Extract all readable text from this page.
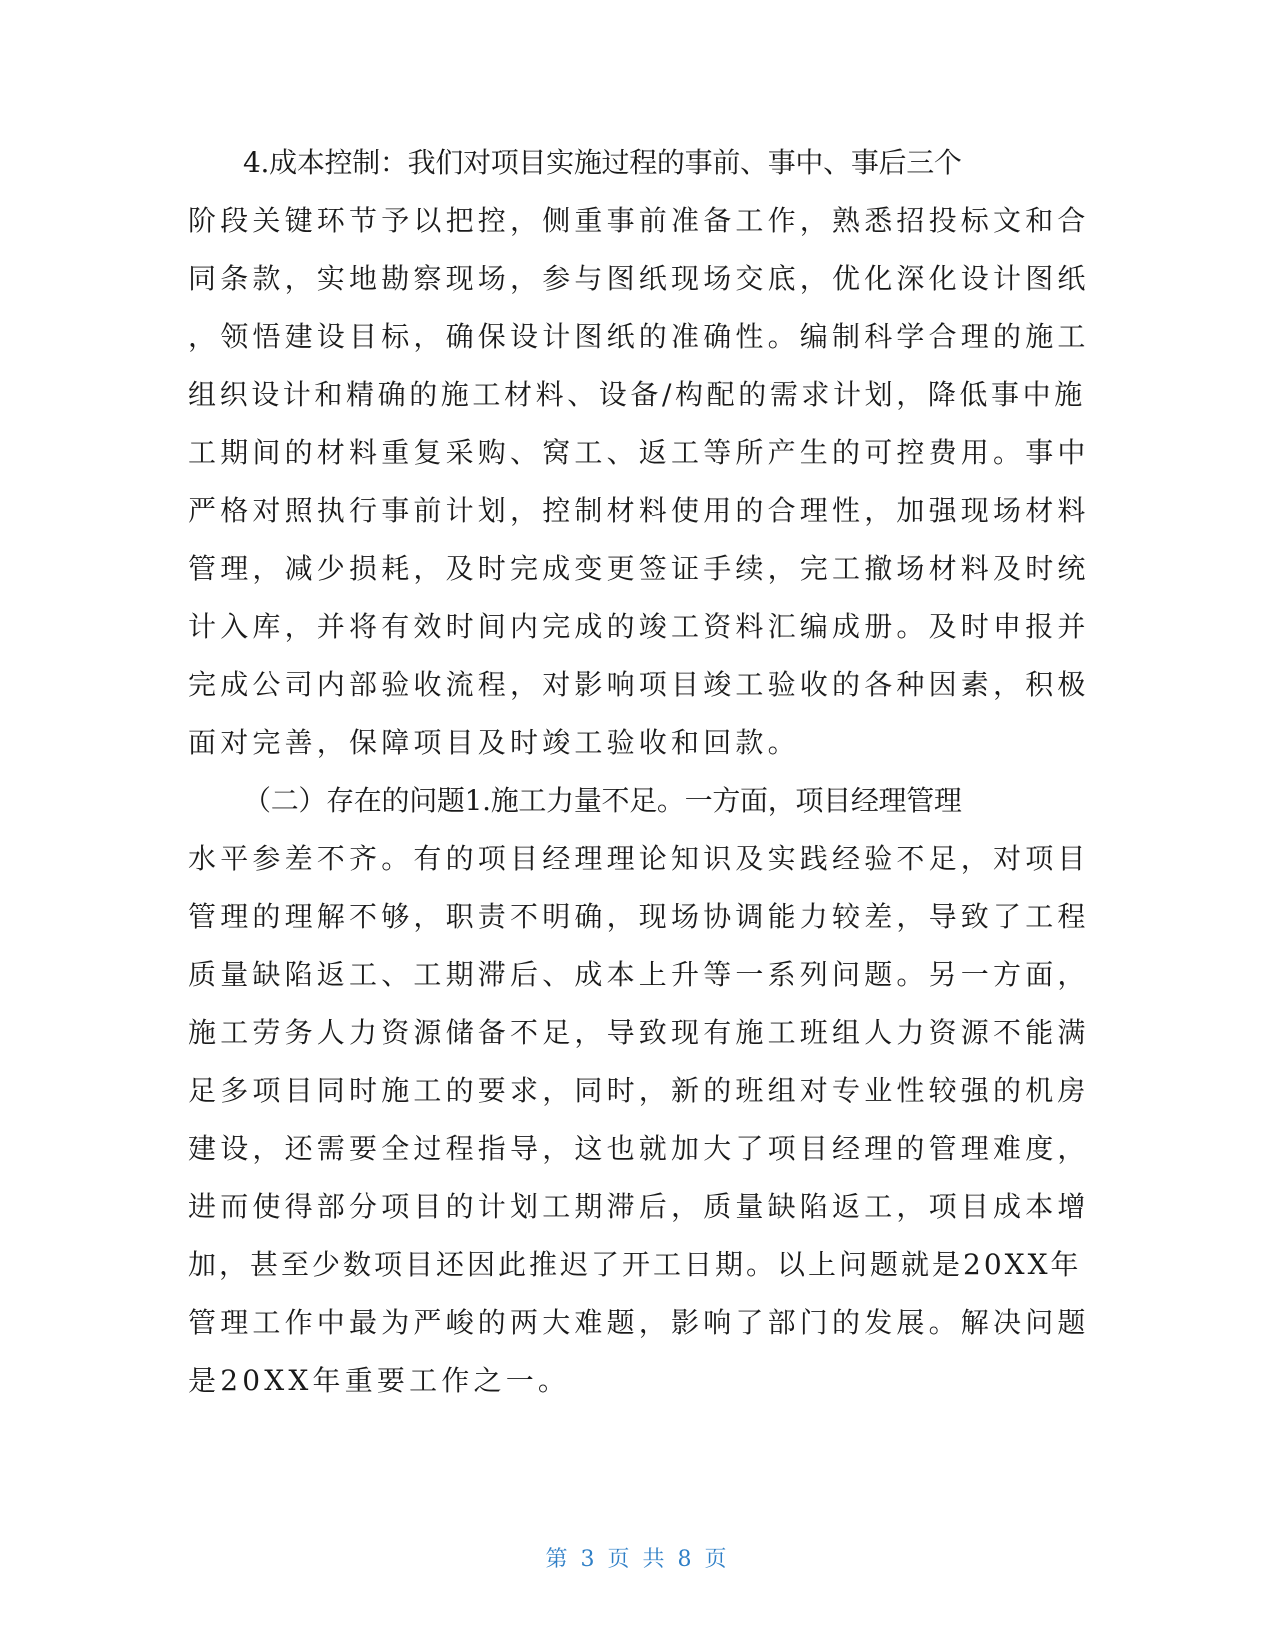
4.成本控制：我们对项目实施过程的事前、事中、事后三个
阶段关键环节予以把控，侧重事前准备工作，熟悉招投标文和合
同条款，实地勘察现场，参与图纸现场交底，优化深化设计图纸
，领悟建设目标，确保设计图纸的准确性。编制科学合理的施工
组织设计和精确的施工材料、设备/构配的需求计划，降低事中施
工期间的材料重复采购、窝工、返工等所产生的可控费用。事中
严格对照执行事前计划，控制材料使用的合理性，加强现场材料
管理，减少损耗，及时完成变更签证手续，完工撤场材料及时统
计入库，并将有效时间内完成的竣工资料汇编成册。及时申报并
完成公司内部验收流程，对影响项目竣工验收的各种因素，积极
面对完善，保障项目及时竣工验收和回款。
（二）存在的问题1.施工力量不足。一方面，项目经理管理
水平参差不齐。有的项目经理理论知识及实践经验不足，对项目
管理的理解不够，职责不明确，现场协调能力较差，导致了工程
质量缺陷返工、工期滞后、成本上升等一系列问题。另一方面，
施工劳务人力资源储备不足，导致现有施工班组人力资源不能满
足多项目同时施工的要求，同时，新的班组对专业性较强的机房
建设，还需要全过程指导，这也就加大了项目经理的管理难度，
进而使得部分项目的计划工期滞后，质量缺陷返工，项目成本增
加，甚至少数项目还因此推迟了开工日期。以上问题就是20XX年
管理工作中最为严峻的两大难题，影响了部门的发展。解决问题
是20XX年重要工作之一。
第 3 页 共 8 页
